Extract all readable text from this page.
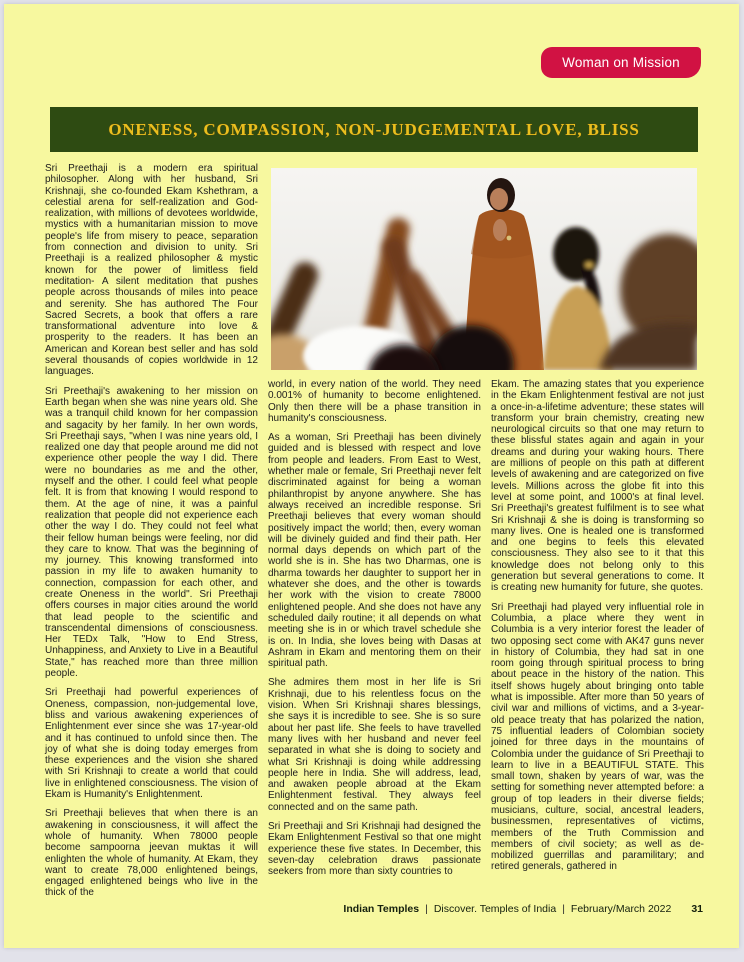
Woman on Mission
ONENESS, COMPASSION, NON-JUDGEMENTAL LOVE, BLISS

Sri Preethaji is a modern era spiritual philosopher. Along with her husband, Sri Krishnaji, she co-founded Ekam Kshethram, a celestial arena for self-realization and God-realization, with millions of devotees worldwide, mystics with a humanitarian mission to move people's life from misery to peace, separation from connection and division to unity. Sri Preethaji is a realized philosopher & mystic known for the power of limitless field meditation- A silent meditation that pushes people across thousands of miles into peace and serenity. She has authored The Four Sacred Secrets, a book that offers a rare transformational adventure into love & prosperity to the readers. It has been an American and Korean best seller and has sold several thousands of copies worldwide in 12 languages.

Sri Preethaji's awakening to her mission on Earth began when she was nine years old. She was a tranquil child known for her compassion and sagacity by her family. In her own words, Sri Preethaji says, "when I was nine years old, I realized one day that people around me did not experience other people the way I did. There were no boundaries as me and the other, myself and the other. I could feel what people felt. It is from that knowing I would respond to them. At the age of nine, it was a painful realization that people did not experience each other the way I do. They could not feel what their fellow human beings were feeling, nor did they care to know. That was the beginning of my journey. This knowing transformed into passion in my life to awaken humanity to connection, compassion for each other, and create Oneness in the world". Sri Preethaji offers courses in major cities around the world that lead people to the scientific and transcendental dimensions of consciousness. Her TEDx Talk, "How to End Stress, Unhappiness, and Anxiety to Live in a Beautiful State," has reached more than three million people.

Sri Preethaji had powerful experiences of Oneness, compassion, non-judgemental love, bliss and various awakening experiences of Enlightenment ever since she was 17-year-old and it has continued to unfold since then. The joy of what she is doing today emerges from these experiences and the vision she shared with Sri Krishnaji to create a world that could live in enlightened consciousness. The vision of Ekam is Humanity's Enlightenment.

Sri Preethaji believes that when there is an awakening in consciousness, it will affect the whole of humanity. When 78000 people become sampoorna jeevan muktas it will enlighten the whole of humanity. At Ekam, they want to create 78,000 enlightened beings, engaged enlightened beings who live in the thick of the

world, in every nation of the world. They need 0.001% of humanity to become enlightened. Only then there will be a phase transition in humanity's consciousness.

As a woman, Sri Preethaji has been divinely guided and is blessed with respect and love from people and leaders. From East to West, whether male or female, Sri Preethaji never felt discriminated against for being a woman philanthropist by anyone anywhere. She has always received an incredible response. Sri Preethaji believes that every woman should positively impact the world; then, every woman will be divinely guided and find their path. Her normal days depends on which part of the world she is in. She has two Dharmas, one is dharma towards her daughter to support her in whatever she does, and the other is towards her work with the vision to create 78000 enlightened people. And she does not have any scheduled daily routine; it all depends on what meeting she is in or which travel schedule she is on. In India, she loves being with Dasas at Ashram in Ekam and mentoring them on their spiritual path.

She admires them most in her life is Sri Krishnaji, due to his relentless focus on the vision. When Sri Krishnaji shares blessings, she says it is incredible to see. She is so sure about her past life. She feels to have travelled many lives with her husband and never feel separated in what she is doing to society and what Sri Krishnaji is doing while addressing people here in India. She will address, lead, and awaken people abroad at the Ekam Enlightenment festival. They always feel connected and on the same path.

Sri Preethaji and Sri Krishnaji had designed the Ekam Enlightenment Festival so that one might experience these five states. In December, this seven-day celebration draws passionate seekers from more than sixty countries to

Ekam. The amazing states that you experience in the Ekam Enlightenment festival are not just a once-in-a-lifetime adventure; these states will transform your brain chemistry, creating new neurological circuits so that one may return to these blissful states again and again in your dreams and during your waking hours. There are millions of people on this path at different levels of awakening and are categorized on five levels. Millions across the globe fit into this level at some point, and 1000's at final level. Sri Preethaji's greatest fulfilment is to see what Sri Krishnaji & she is doing is transforming so many lives. One is healed one is transformed and one begins to feels this elevated consciousness. They also see to it that this knowledge does not belong only to this generation but several generations to come. It is creating new humanity for future, she quotes.

Sri Preethaji had played very influential role in Columbia, a place where they went in Columbia is a very interior forest the leader of two opposing sect come with AK47 guns never in history of Columbia, they had sat in one room going through spiritual process to bring about peace in the history of the nation. This itself shows hugely about bringing onto table what is impossible. After more than 50 years of civil war and millions of victims, and a 3-year-old peace treaty that has polarized the nation, 75 influential leaders of Colombian society joined for three days in the mountains of Colombia under the guidance of Sri Preethaji to learn to live in a BEAUTIFUL STATE. This small town, shaken by years of war, was the setting for something never attempted before: a group of top leaders in their diverse fields; musicians, culture, social, ancestral leaders, businessmen, representatives of victims, members of the Truth Commission and members of civil society; as well as de-mobilized guerrillas and paramilitary; and retired generals, gathered in

Indian Temples | Discover. Temples of India | February/March 2022 31
